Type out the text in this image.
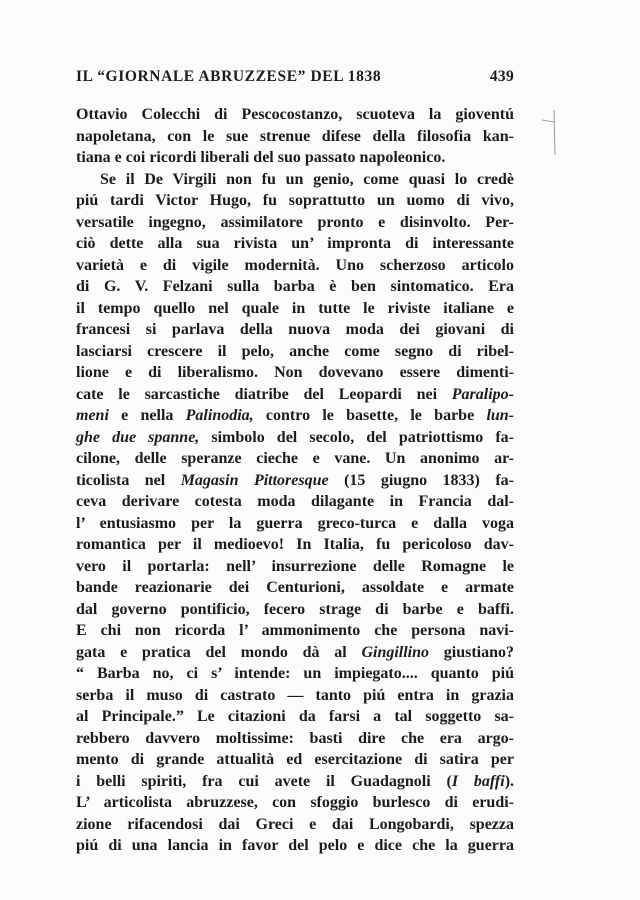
IL “GIORNALE ABRUZZESE” DEL 1838	439
Ottavio Colecchi di Pescocostanzo, scuoteva la gioventú
napoletana, con le sue strenue difese della filosofia kan-
tiana e coi ricordi liberali del suo passato napoleonico.
Se il De Virgili non fu un genio, come quasi lo credè
piú tardi Victor Hugo, fu soprattutto un uomo di vivo,
versatile ingegno, assimilatore pronto e disinvolto. Per-
ciò dette alla sua rivista un’ impronta di interessante
varietà e di vigile modernità. Uno scherzoso articolo
di G. V. Felzani sulla barba è ben sintomatico. Era
il tempo quello nel quale in tutte le riviste italiane e
francesi si parlava della nuova moda dei giovani di
lasciarsi crescere il pelo, anche come segno di ribel-
lione e di liberalismo. Non dovevano essere dimenti-
cate le sarcastiche diatribe del Leopardi nei Paralipo-
meni e nella Palinodia, contro le basette, le barbe lun-
ghe due spanne, simbolo del secolo, del patriottismo fa-
cilone, delle speranze cieche e vane. Un anonimo ar-
ticolista nel Magasin Pittoresque (15 giugno 1833) fa-
ceva derivare cotesta moda dilagante in Francia dal-
l’ entusiasmo per la guerra greco-turca e dalla voga
romantica per il medioevo! In Italia, fu pericoloso dav-
vero il portarla: nell’ insurrezione delle Romagne le
bande reazionarie dei Centurioni, assoldate e armate
dal governo pontificio, fecero strage di barbe e baffi.
E chi non ricorda l’ ammonimento che persona navi-
gata e pratica del mondo dà al Gingillino giustiano?
“ Barba no, ci s’ intende: un impiegato.... quanto piú
serba il muso di castrato — tanto piú entra in grazia
al Principale.” Le citazioni da farsi a tal soggetto sa-
rebbero davvero moltissime: basti dire che era argo-
mento di grande attualità ed esercitazione di satira per
i belli spiriti, fra cui avete il Guadagnoli (I baffi).
L’ articolista abruzzese, con sfoggio burlesco di erudi-
zione rifacendosi dai Greci e dai Longobardi, spezza
piú di una lancia in favor del pelo e dice che la guerra
